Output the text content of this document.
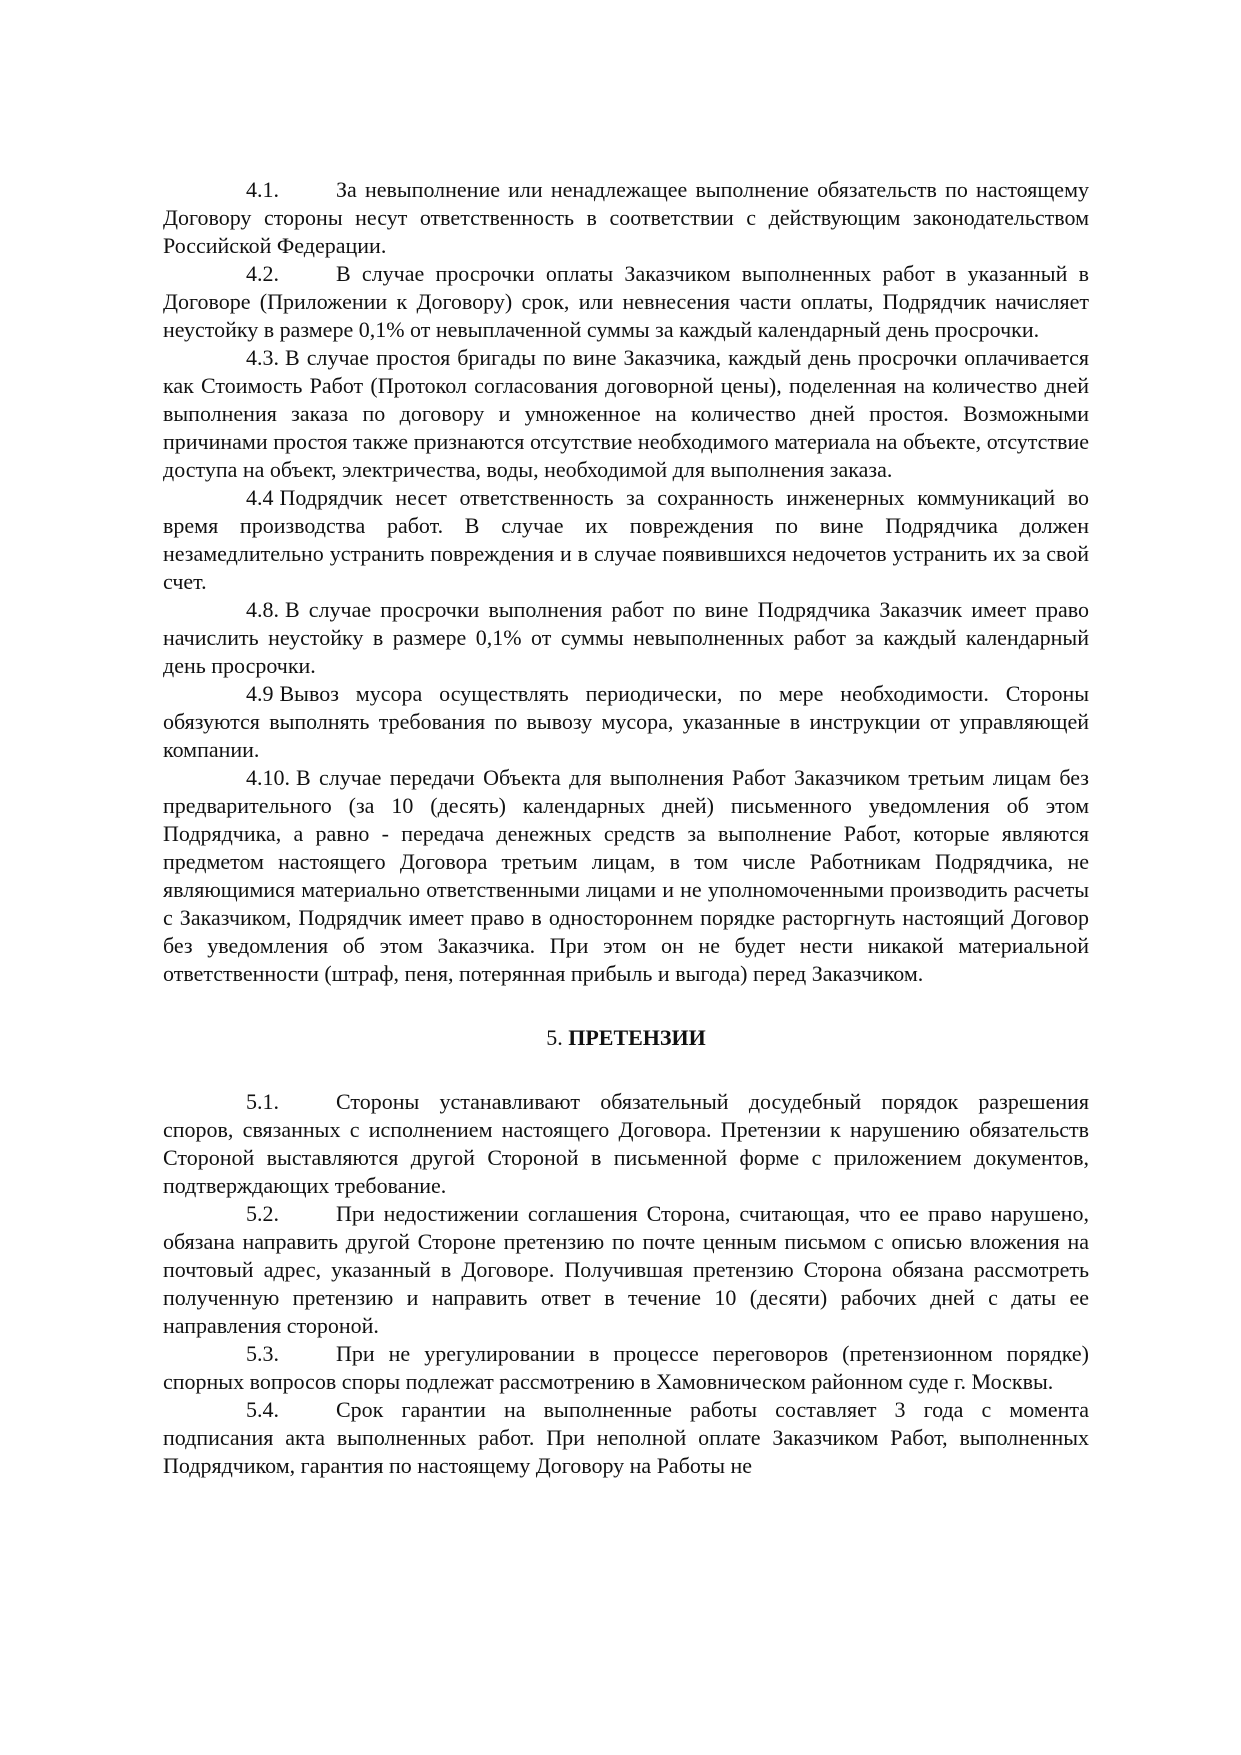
4.1.	За невыполнение или ненадлежащее выполнение обязательств по настоящему Договору стороны несут ответственность в соответствии с действующим законодательством Российской Федерации.

4.2.	В случае просрочки оплаты Заказчиком выполненных работ в указанный в Договоре (Приложении к Договору) срок, или невнесения части оплаты, Подрядчик начисляет неустойку в размере 0,1% от невыплаченной суммы за каждый календарный день просрочки.

4.3. В случае простоя бригады по вине Заказчика, каждый день просрочки оплачивается как Стоимость Работ (Протокол согласования договорной цены), поделенная на количество дней выполнения заказа по договору и умноженное на количество дней простоя. Возможными причинами простоя также признаются отсутствие необходимого материала на объекте, отсутствие доступа на объект, электричества, воды, необходимой для выполнения заказа.

4.4 Подрядчик несет ответственность за сохранность инженерных коммуникаций во время производства работ. В случае их повреждения по вине Подрядчика должен незамедлительно устранить повреждения и в случае появившихся недочетов устранить их за свой счет.

4.8. В случае просрочки выполнения работ по вине Подрядчика Заказчик имеет право начислить неустойку в размере 0,1% от суммы невыполненных работ за каждый календарный день просрочки.

4.9 Вывоз мусора осуществлять периодически, по мере необходимости. Стороны обязуются выполнять требования по вывозу мусора, указанные в инструкции от управляющей компании.

4.10. В случае передачи Объекта для выполнения Работ Заказчиком третьим лицам без предварительного (за 10 (десять) календарных дней) письменного уведомления об этом Подрядчика, а равно - передача денежных средств за выполнение Работ, которые являются предметом настоящего Договора третьим лицам, в том числе Работникам Подрядчика, не являющимися материально ответственными лицами и не уполномоченными производить расчеты с Заказчиком, Подрядчик имеет право в одностороннем порядке расторгнуть настоящий Договор без уведомления об этом Заказчика. При этом он не будет нести никакой материальной ответственности (штраф, пеня, потерянная прибыль и выгода) перед Заказчиком.

5. ПРЕТЕНЗИИ

5.1.	Стороны устанавливают обязательный досудебный порядок разрешения споров, связанных с исполнением настоящего Договора. Претензии к нарушению обязательств Стороной выставляются другой Стороной в письменной форме с приложением документов, подтверждающих требование.

5.2.	При недостижении соглашения Сторона, считающая, что ее право нарушено, обязана направить другой Стороне претензию по почте ценным письмом с описью вложения на почтовый адрес, указанный в Договоре. Получившая претензию Сторона обязана рассмотреть полученную претензию и направить ответ в течение 10 (десяти) рабочих дней с даты ее направления стороной.

5.3.	При не урегулировании в процессе переговоров (претензионном порядке) спорных вопросов споры подлежат рассмотрению в Хамовническом районном суде г. Москвы.

5.4.	Срок гарантии на выполненные работы составляет 3 года с момента подписания акта выполненных работ. При неполной оплате Заказчиком Работ, выполненных Подрядчиком, гарантия по настоящему Договору на Работы не
